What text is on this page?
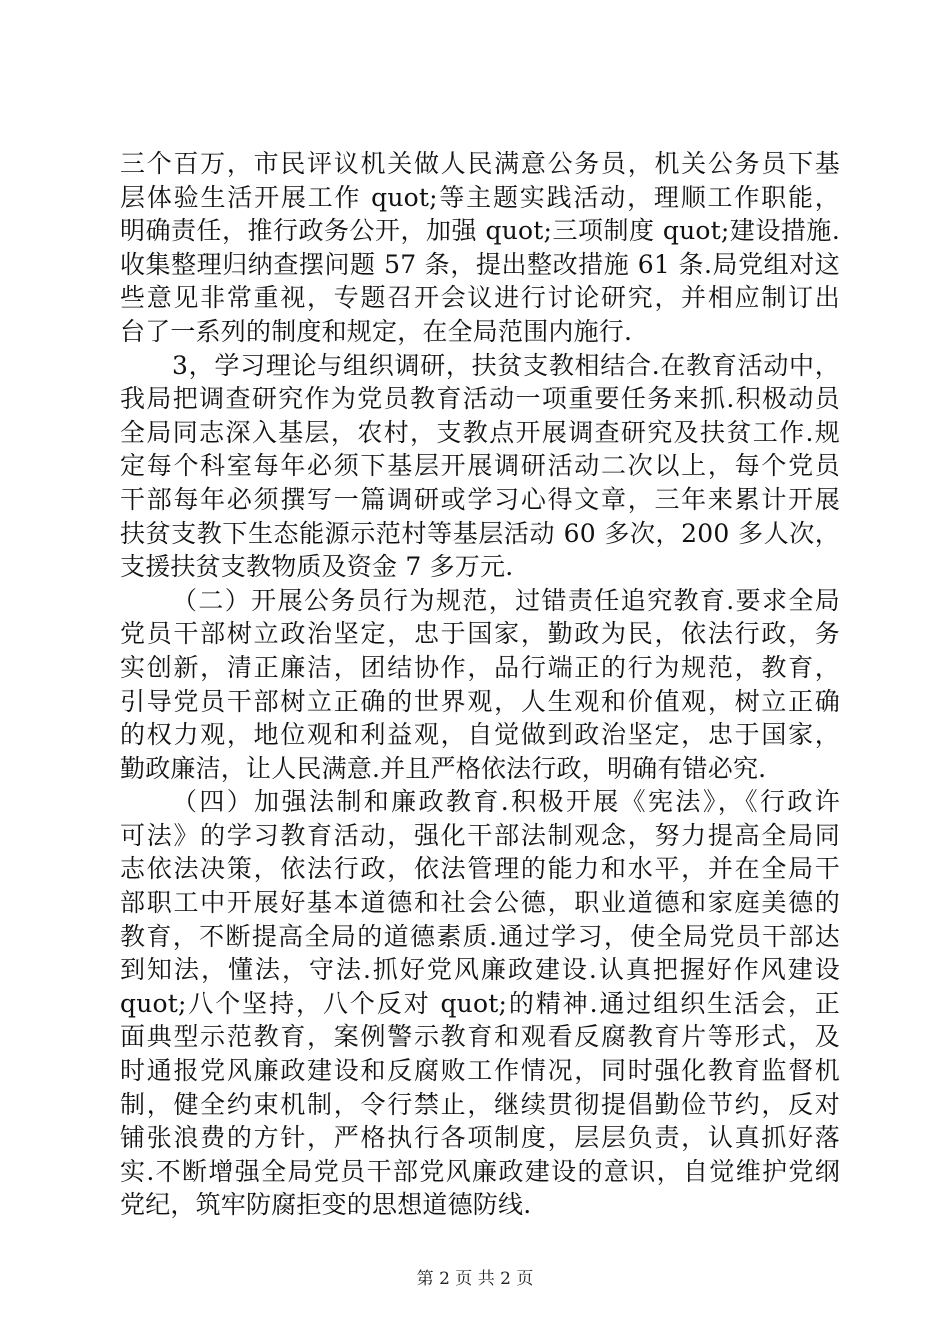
三个百万，市民评议机关做人民满意公务员，机关公务员下基
层体验生活开展工作 quot;等主题实践活动，理顺工作职能，
明确责任，推行政务公开，加强 quot;三项制度 quot;建设措施.
收集整理归纳查摆问题 57 条，提出整改措施 61 条.局党组对这
些意见非常重视，专题召开会议进行讨论研究，并相应制订出
台了一系列的制度和规定，在全局范围内施行.
3，学习理论与组织调研，扶贫支教相结合.在教育活动中，
我局把调查研究作为党员教育活动一项重要任务来抓.积极动员
全局同志深入基层，农村，支教点开展调查研究及扶贫工作.规
定每个科室每年必须下基层开展调研活动二次以上，每个党员
干部每年必须撰写一篇调研或学习心得文章，三年来累计开展
扶贫支教下生态能源示范村等基层活动 60 多次，200 多人次，
支援扶贫支教物质及资金 7 多万元.
（二）开展公务员行为规范，过错责任追究教育.要求全局
党员干部树立政治坚定，忠于国家，勤政为民，依法行政，务
实创新，清正廉洁，团结协作，品行端正的行为规范，教育，
引导党员干部树立正确的世界观，人生观和价值观，树立正确
的权力观，地位观和利益观，自觉做到政治坚定，忠于国家，
勤政廉洁，让人民满意.并且严格依法行政，明确有错必究.
（四）加强法制和廉政教育.积极开展《宪法》，《行政许
可法》的学习教育活动，强化干部法制观念，努力提高全局同
志依法决策，依法行政，依法管理的能力和水平，并在全局干
部职工中开展好基本道德和社会公德，职业道德和家庭美德的
教育，不断提高全局的道德素质.通过学习，使全局党员干部达
到知法，懂法，守法.抓好党风廉政建设.认真把握好作风建设
quot;八个坚持，八个反对 quot;的精神.通过组织生活会，正
面典型示范教育，案例警示教育和观看反腐教育片等形式，及
时通报党风廉政建设和反腐败工作情况，同时强化教育监督机
制，健全约束机制，令行禁止，继续贯彻提倡勤俭节约，反对
铺张浪费的方针，严格执行各项制度，层层负责，认真抓好落
实.不断增强全局党员干部党风廉政建设的意识，自觉维护党纲
党纪，筑牢防腐拒变的思想道德防线.
第 2 页 共 2 页
